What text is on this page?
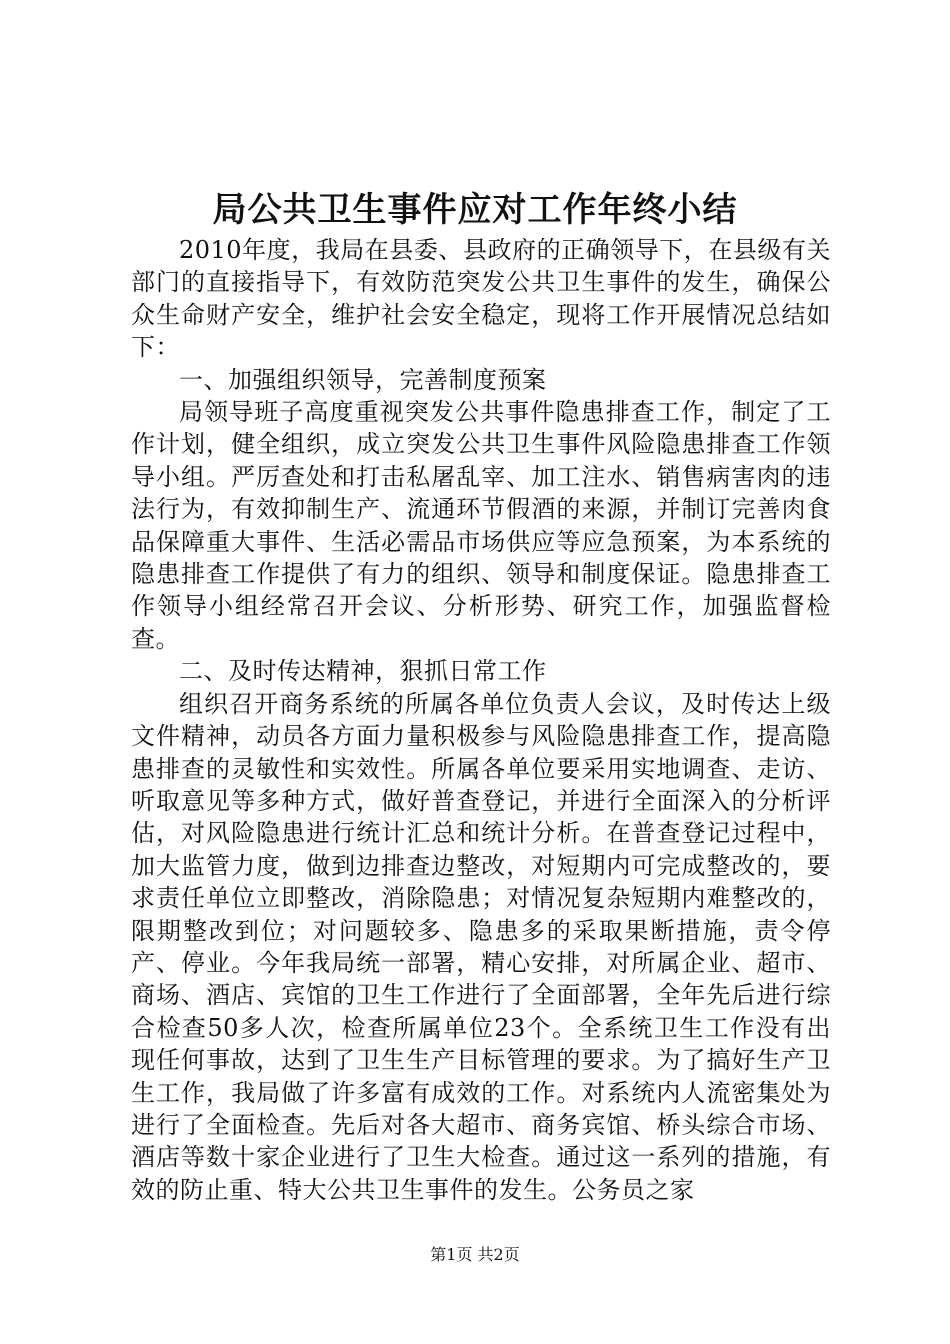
局公共卫生事件应对工作年终小结

2010年度，我局在县委、县政府的正确领导下，在县级有关部门的直接指导下，有效防范突发公共卫生事件的发生，确保公众生命财产安全，维护社会安全稳定，现将工作开展情况总结如下：

一、加强组织领导，完善制度预案

局领导班子高度重视突发公共事件隐患排查工作，制定了工作计划，健全组织，成立突发公共卫生事件风险隐患排查工作领导小组。严厉查处和打击私屠乱宰、加工注水、销售病害肉的违法行为，有效抑制生产、流通环节假酒的来源，并制订完善肉食品保障重大事件、生活必需品市场供应等应急预案，为本系统的隐患排查工作提供了有力的组织、领导和制度保证。隐患排查工作领导小组经常召开会议、分析形势、研究工作，加强监督检查。

二、及时传达精神，狠抓日常工作

组织召开商务系统的所属各单位负责人会议，及时传达上级文件精神，动员各方面力量积极参与风险隐患排查工作，提高隐患排查的灵敏性和实效性。所属各单位要采用实地调查、走访、听取意见等多种方式，做好普查登记，并进行全面深入的分析评估，对风险隐患进行统计汇总和统计分析。在普查登记过程中，加大监管力度，做到边排查边整改，对短期内可完成整改的，要求责任单位立即整改，消除隐患；对情况复杂短期内难整改的，限期整改到位；对问题较多、隐患多的采取果断措施，责令停产、停业。今年我局统一部署，精心安排，对所属企业、超市、商场、酒店、宾馆的卫生工作进行了全面部署，全年先后进行综合检查50多人次，检查所属单位23个。全系统卫生工作没有出现任何事故，达到了卫生生产目标管理的要求。为了搞好生产卫生工作，我局做了许多富有成效的工作。对系统内人流密集处为进行了全面检查。先后对各大超市、商务宾馆、桥头综合市场、酒店等数十家企业进行了卫生大检查。通过这一系列的措施，有效的防止重、特大公共卫生事件的发生。公务员之家

第1页 共2页
